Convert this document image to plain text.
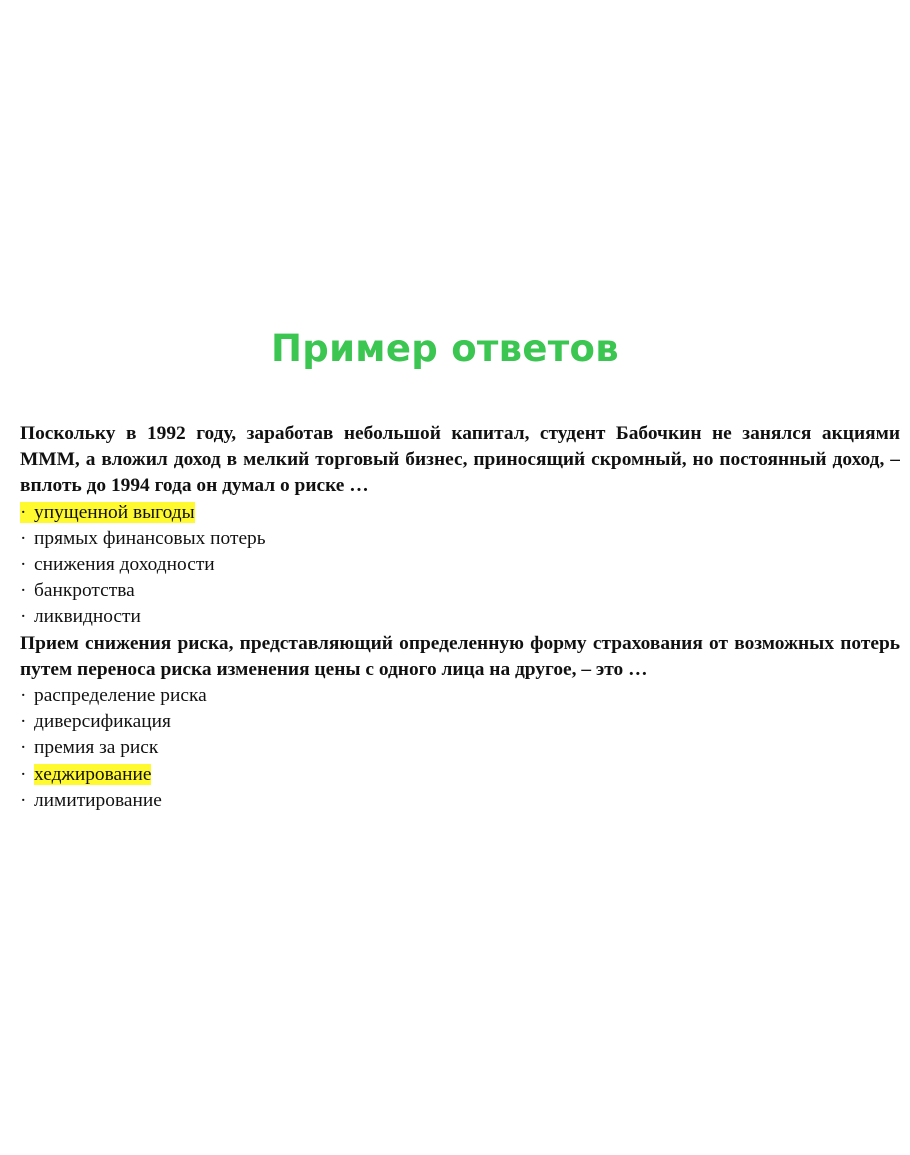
Пример ответов

Поскольку в 1992 году, заработав небольшой капитал, студент Бабочкин не занялся акциями МММ, а вложил доход в мелкий торговый бизнес, приносящий скромный, но постоянный доход, – вплоть до 1994 года он думал о риске …

· упущенной выгоды

· прямых финансовых потерь

· снижения доходности

· банкротства

· ликвидности

Прием снижения риска, представляющий определенную форму страхования от возможных потерь путем переноса риска изменения цены с одного лица на другое, – это …

· распределение риска

· диверсификация

· премия за риск

· хеджирование

· лимитирование
